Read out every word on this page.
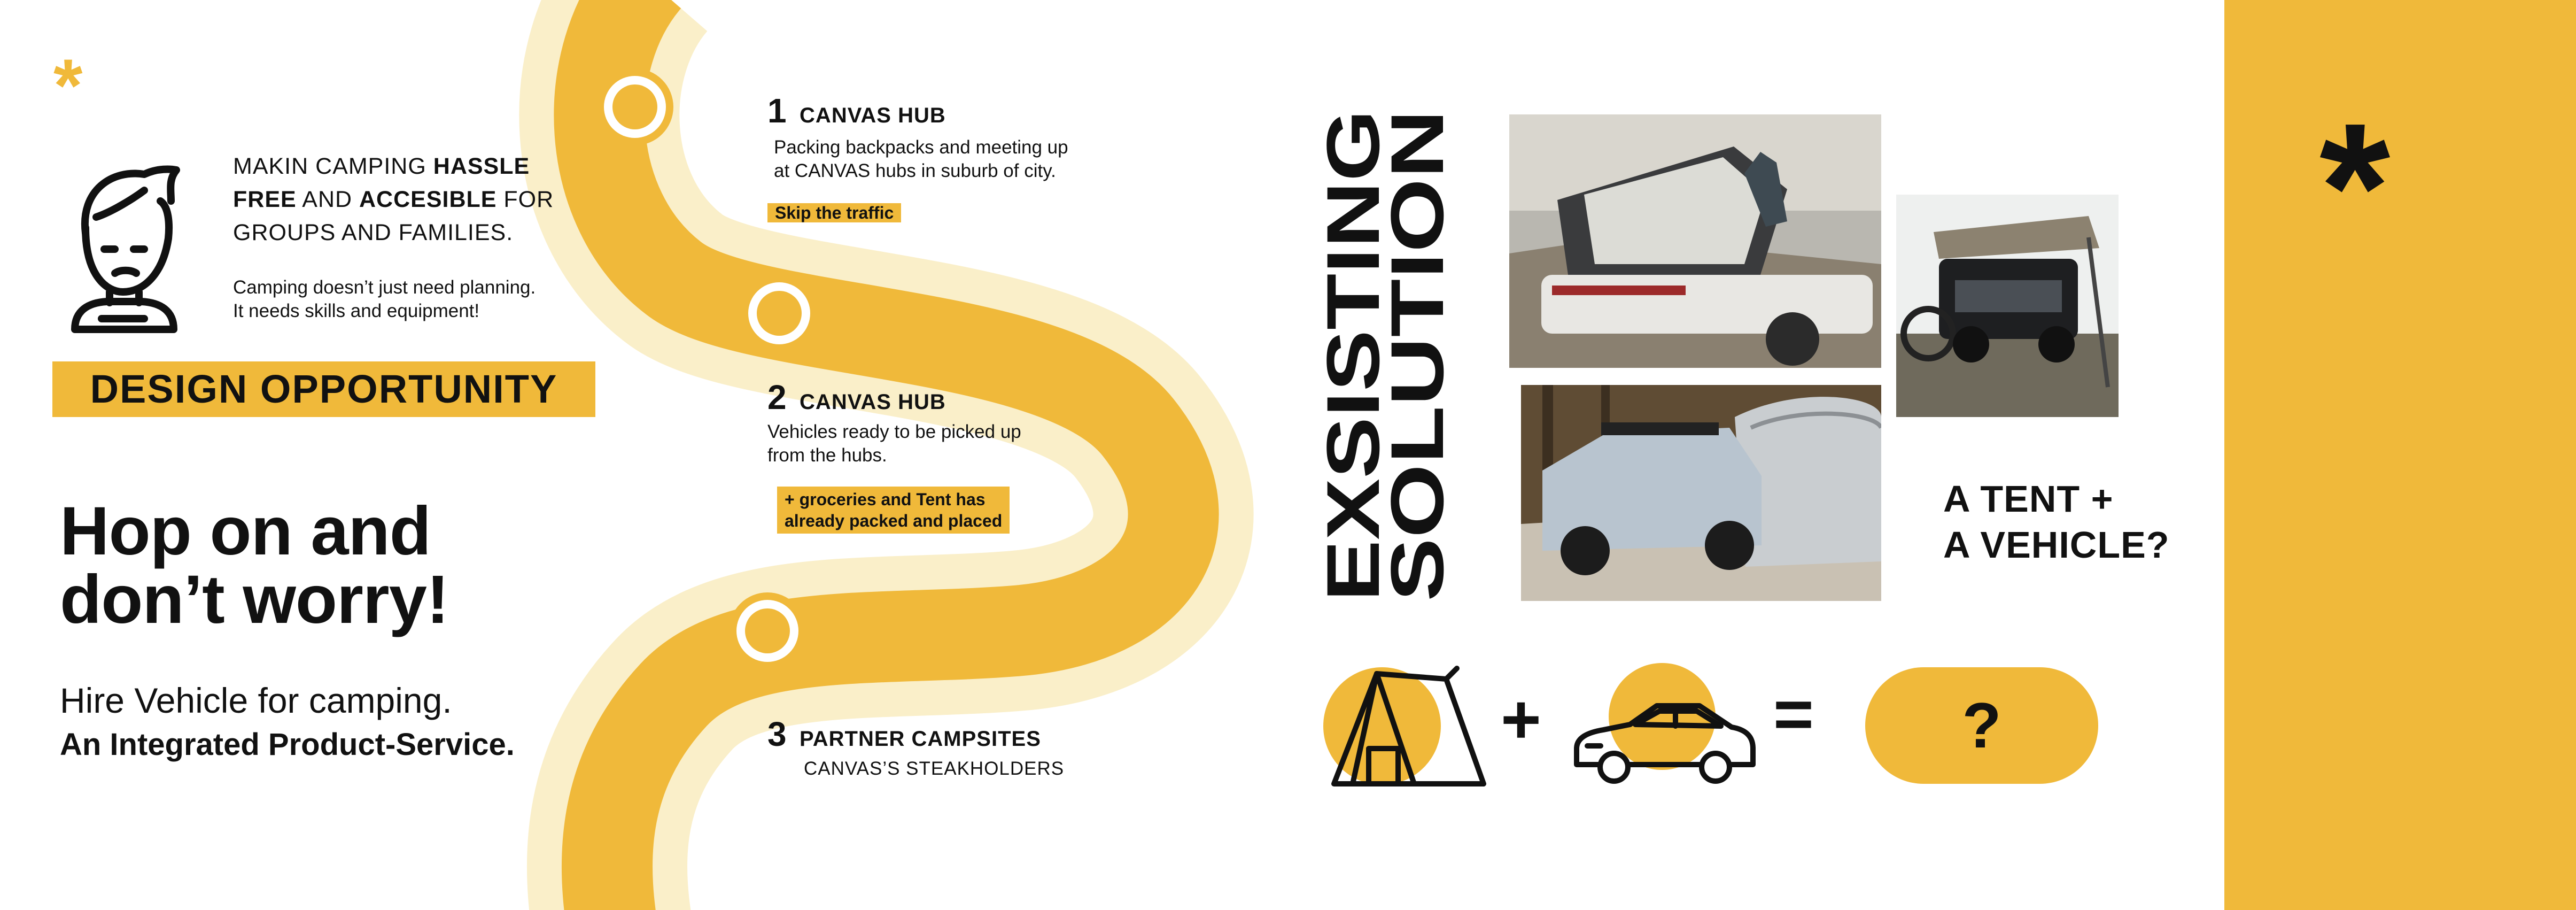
*
MAKIN CAMPING HASSLE
FREE AND ACCESIBLE FOR
GROUPS AND FAMILIES.
Camping doesn’t just need planning.
It needs skills and equipment!
DESIGN OPPORTUNITY
Hop on and
don’t worry!
Hire Vehicle for camping.
An Integrated Product-Service.
1 CANVAS HUB
Packing backpacks and meeting up
at CANVAS hubs in suburb of city.
Skip the traffic
2 CANVAS HUB
Vehicles ready to be picked up
from the hubs.
+ groceries and Tent has
already packed and placed
3 PARTNER CAMPSITES
CANVAS’S STEAKHOLDERS
EXSISTING
SOLUTION	A TENT +
A VEHICLE?
+	=	?
*
